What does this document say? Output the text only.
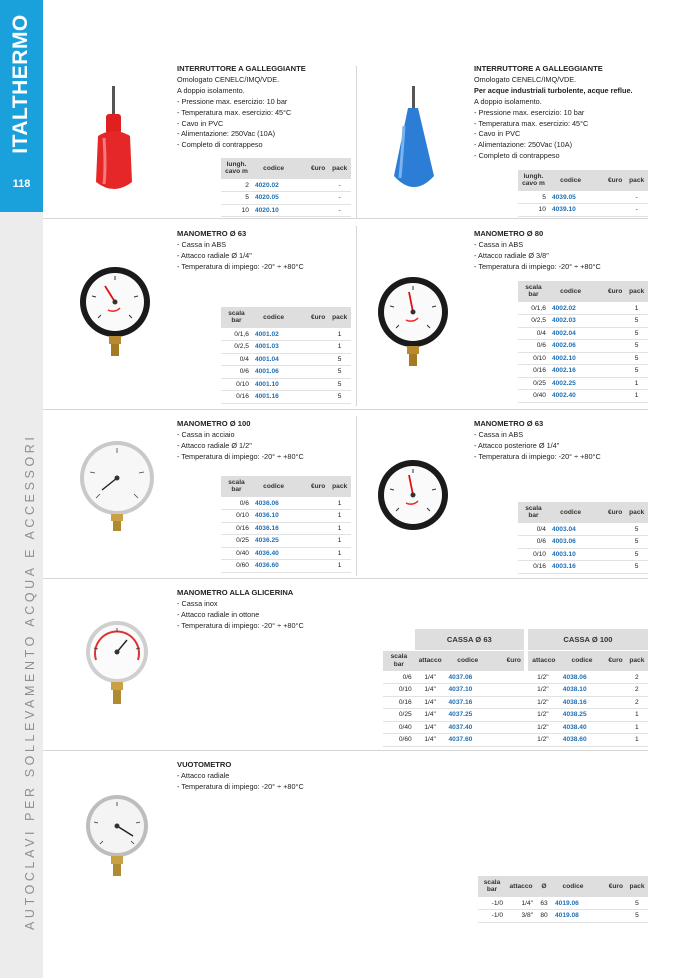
ITALTHERMO
118
AUTOCLAVI PER SOLLEVAMENTO ACQUA E ACCESSORI
INTERRUTTORE A GALLEGGIANTE
Omologato CENELC/IMQ/VDE.
A doppio isolamento.
- Pressione max. esercizio: 10 bar
- Temperatura max. esercizio: 45°C
- Cavo in PVC
- Alimentazione: 250Vac (10A)
- Completo di contrappeso
lungh. cavo m	codice	€uro	pack
2	4020.02		-
5	4020.05		-
10	4020.10		-
INTERRUTTORE A GALLEGGIANTE
Omologato CENELC/IMQ/VDE.
Per acque industriali turbolente, acque reflue.
A doppio isolamento.
- Pressione max. esercizio: 10 bar
- Temperatura max. esercizio: 45°C
- Cavo in PVC
- Alimentazione: 250Vac (10A)
- Completo di contrappeso
lungh. cavo m	codice	€uro	pack
5	4039.05		-
10	4039.10		-
MANOMETRO Ø 63
- Cassa in ABS
- Attacco radiale Ø 1/4"
- Temperatura di impiego: -20° ÷ +80°C
scala bar	codice	€uro	pack
0/1,6	4001.02		1
0/2,5	4001.03		1
0/4	4001.04		5
0/6	4001.06		5
0/10	4001.10		5
0/16	4001.16		5
MANOMETRO Ø 80
- Cassa in ABS
- Attacco radiale Ø 3/8"
- Temperatura di impiego: -20° ÷ +80°C
scala bar	codice	€uro	pack
0/1,6	4002.02		1
0/2,5	4002.03		5
0/4	4002.04		5
0/6	4002.06		5
0/10	4002.10		5
0/16	4002.16		5
0/25	4002.25		1
0/40	4002.40		1
MANOMETRO Ø 100
- Cassa in acciaio
- Attacco radiale Ø 1/2"
- Temperatura di impiego: -20° ÷ +80°C
scala bar	codice	€uro	pack
0/6	4036.06		1
0/10	4036.10		1
0/16	4036.16		1
0/25	4036.25		1
0/40	4036.40		1
0/60	4036.60		1
MANOMETRO Ø 63
- Cassa in ABS
- Attacco posteriore Ø 1/4"
- Temperatura di impiego: -20° ÷ +80°C
scala bar	codice	€uro	pack
0/4	4003.04		5
0/6	4003.06		5
0/10	4003.10		5
0/16	4003.16		5
MANOMETRO ALLA GLICERINA
- Cassa inox
- Attacco radiale in ottone
- Temperatura di impiego: -20° ÷ +80°C
	CASSA Ø 63			CASSA Ø 100			
scala bar	attacco	codice	€uro	attacco	codice	€uro	pack
0/6	1/4"	4037.06		1/2"	4038.06		2
0/10	1/4"	4037.10		1/2"	4038.10		2
0/16	1/4"	4037.16		1/2"	4038.16		2
0/25	1/4"	4037.25		1/2"	4038.25		1
0/40	1/4"	4037.40		1/2"	4038.40		1
0/60	1/4"	4037.60		1/2"	4038.60		1
VUOTOMETRO
- Attacco radiale
- Temperatura di impiego: -20° ÷ +80°C
scala bar	attacco	Ø	codice	€uro	pack
-1/0	1/4"	63	4019.06		5
-1/0	3/8"	80	4019.08		5
